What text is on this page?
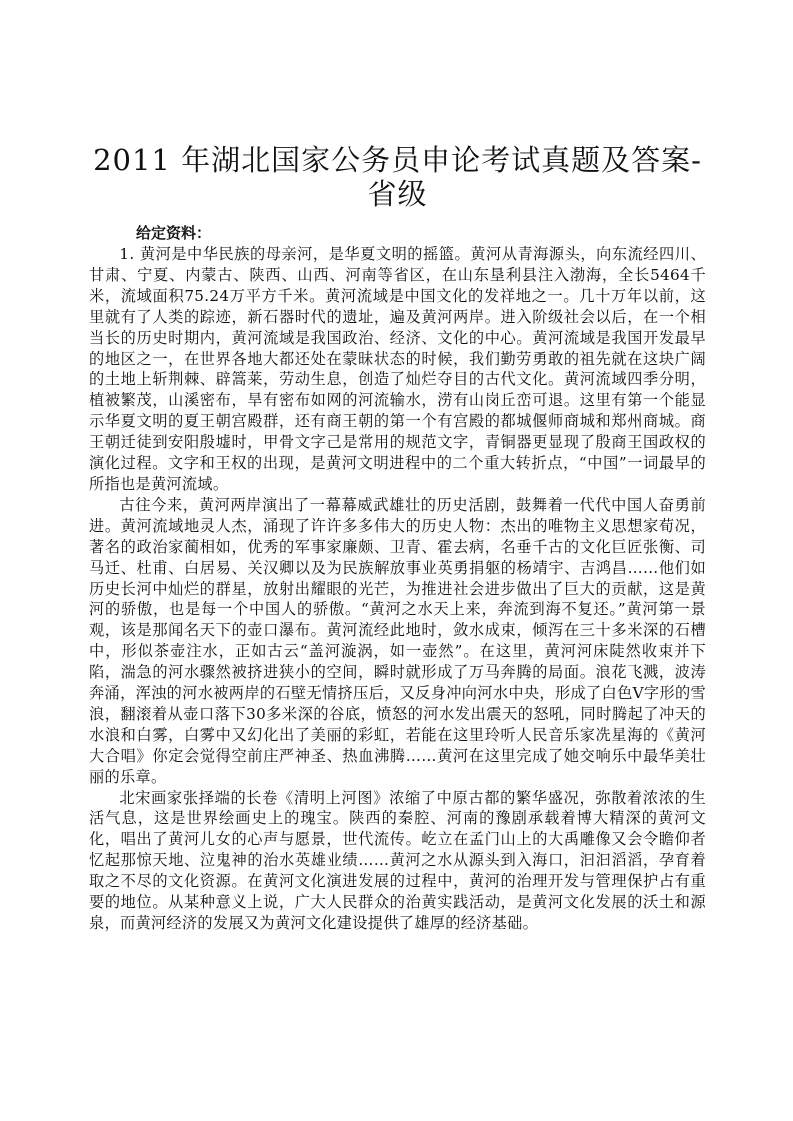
2011 年湖北国家公务员申论考试真题及答案-
省级
给定资料：

1. 黄河是中华民族的母亲河，是华夏文明的摇篮。黄河从青海源头，向东流经四川、甘肃、宁夏、内蒙古、陕西、山西、河南等省区，在山东垦利县注入渤海，全长5464千米，流域面积75.24万平方千米。黄河流域是中国文化的发祥地之一。几十万年以前，这里就有了人类的踪迹，新石器时代的遗址，遍及黄河两岸。进入阶级社会以后，在一个相当长的历史时期内，黄河流域是我国政治、经济、文化的中心。黄河流域是我国开发最早的地区之一，在世界各地大都还处在蒙昧状态的时候，我们勤劳勇敢的祖先就在这块广阔的土地上斩荆棘、辟篙莱，劳动生息，创造了灿烂夺目的古代文化。黄河流域四季分明，植被繁茂，山溪密布，旱有密布如网的河流输水，涝有山岗丘峦可退。这里有第一个能显示华夏文明的夏王朝宫殿群，还有商王朝的第一个有宫殿的都城偃师商城和郑州商城。商王朝迁徒到安阳殷墟时，甲骨文字己是常用的规范文字，青铜器更显现了殷商王国政权的演化过程。文字和王权的出现，是黄河文明进程中的二个重大转折点，“中国”一词最早的所指也是黄河流域。

古往今来，黄河两岸演出了一幕幕威武雄壮的历史活剧，鼓舞着一代代中国人奋勇前进。黄河流域地灵人杰，涌现了许许多多伟大的历史人物：杰出的唯物主义思想家荀况，著名的政治家蔺相如，优秀的军事家廉颇、卫青、霍去病，名垂千古的文化巨匠张衡、司马迁、杜甫、白居易、关汉卿以及为民族解放事业英勇捐躯的杨靖宇、吉鸿昌……他们如历史长河中灿烂的群星，放射出耀眼的光芒，为推进社会进步做出了巨大的贡献，这是黄河的骄傲，也是每一个中国人的骄傲。“黄河之水天上来，奔流到海不复还。”黄河第一景观，该是那闻名天下的壶口瀑布。黄河流经此地时，敛水成束，倾泻在三十多米深的石槽中，形似茶壶注水，正如古云“盖河漩涡，如一壶然”。在这里，黄河河床陡然收束并下陷，湍急的河水骤然被挤进狭小的空间，瞬时就形成了万马奔腾的局面。浪花飞溅，波涛奔涌，浑浊的河水被两岸的石壁无情挤压后，又反身冲向河水中央，形成了白色V字形的雪浪，翻滚着从壶口落下30多米深的谷底，愤怒的河水发出震天的怒吼，同时腾起了冲天的水浪和白雾，白雾中又幻化出了美丽的彩虹，若能在这里玲听人民音乐家冼星海的《黄河大合唱》你定会觉得空前庄严神圣、热血沸腾……黄河在这里完成了她交响乐中最华美壮丽的乐章。

北宋画家张择端的长卷《清明上河图》浓缩了中原古都的繁华盛况，弥散着浓浓的生活气息，这是世界绘画史上的瑰宝。陕西的秦腔、河南的豫剧承载着博大精深的黄河文化，唱出了黄河儿女的心声与愿景，世代流传。屹立在孟门山上的大禹雕像又会令瞻仰者忆起那惊天地、泣鬼神的治水英雄业绩……黄河之水从源头到入海口，汩汩滔滔，孕育着取之不尽的文化资源。在黄河文化演进发展的过程中，黄河的治理开发与管理保护占有重要的地位。从某种意义上说，广大人民群众的治黄实践活动，是黄河文化发展的沃土和源泉，而黄河经济的发展又为黄河文化建设提供了雄厚的经济基础。
